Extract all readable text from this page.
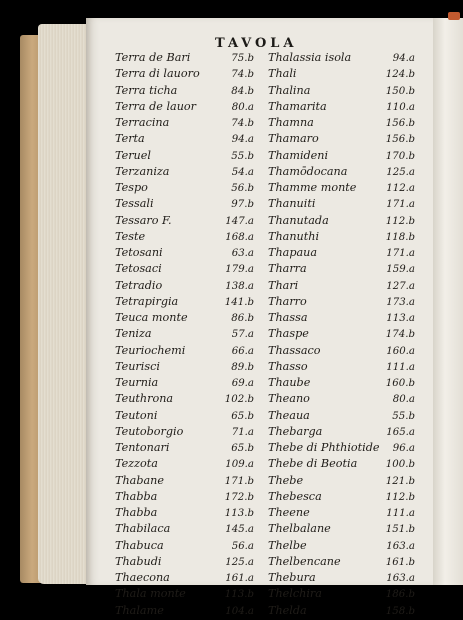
TAVOLA
Terra de Bari	75.b
Terra di lauoro	74.b
Terra ticha	84.b
Terra de lauor	80.a
Terracina	74.b
Terta	94.a
Teruel	55.b
Terzaniza	54.a
Tespo	56.b
Tessali	97.b
Tessaro F.	147.a
Teste	168.a
Tetosani	63.a
Tetosaci	179.a
Tetradio	138.a
Tetrapirgia	141.b
Teuca monte	86.b
Teniza	57.a
Teuriochemi	66.a
Teurisci	89.b
Teurnia	69.a
Teuthrona	102.b
Teutoni	65.b
Teutoborgio	71.a
Tentonari	65.b
Tezzota	109.a
Thabane	171.b
Thabba	172.b
Thabba	113.b
Thabilaca	145.a
Thabuca	56.a
Thabudi	125.a
Thaecona	161.a
Thala monte	113.b
Thalame	104.a
Thalassia isola	94.a
Thali	124.b
Thalina	150.b
Thamarita	110.a
Thamna	156.b
Thamaro	156.b
Thamideni	170.b
Thamōdocana	125.a
Thamme monte	112.a
Thanuiti	171.a
Thanutada	112.b
Thanuthi	118.b
Thapaua	171.a
Tharra	159.a
Thari	127.a
Tharro	173.a
Thassa	113.a
Thaspe	174.b
Thassaco	160.a
Thasso	111.a
Thaube	160.b
Theano	80.a
Theaua	55.b
Thebarga	165.a
Thebe di Phthiotide 96.a
Thebe di Beotia	100.b
Thebe	121.b
Thebesca	112.b
Theene	111.a
Thelbalane	151.b
Thelbe	163.a
Thelbencane	161.b
Thebura	163.a
Thelchira	186.b
Thelda	158.b
